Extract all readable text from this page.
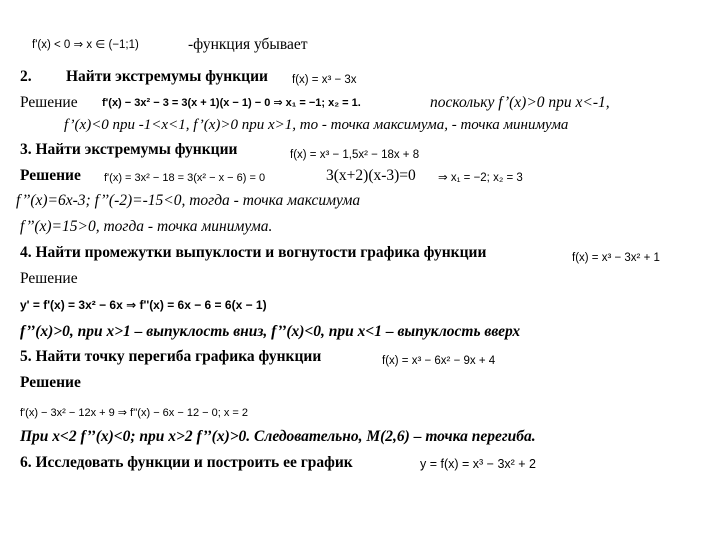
f'(x) < 0 ⇒ x ∈ (−1;1)	-функция убывает
2. Найти экстремумы функции f(x) = x³ − 3x
Решение f'(x) − 3x² − 3 = 3(x + 1)(x − 1) − 0 ⇒ x₁ = −1; x₂ = 1.	поскольку f’(x)>0 при x<-1,
f’(x)<0 при -1<x<1, f’(x)>0 при x>1, то - точка максимума, - точка минимума
3. Найти экстремумы функции	f(x) = x³ − 1,5x² − 18x + 8
Решение f'(x) = 3x² − 18 = 3(x² − x − 6) = 0	3(x+2)(x-3)=0 ⇒ x₁ = −2; x₂ = 3
f’’(x)=6x-3; f’’(-2)=-15<0, тогда - точка максимума
f’’(x)=15>0, тогда - точка минимума.
4. Найти промежутки выпуклости и вогнутости графика функции	f(x) = x³ − 3x² + 1
Решение
y' = f'(x) = 3x² − 6x ⇒ f''(x) = 6x − 6 = 6(x − 1)
f’’(x)>0, при x>1 – выпуклость вниз, f’’(x)<0, при x<1 – выпуклость вверх
5. Найти точку перегиба графика функции	f(x) = x³ − 6x² − 9x + 4
Решение
f'(x) − 3x² − 12x + 9 ⇒ f''(x) − 6x − 12 − 0; x = 2
При x<2 f’’(x)<0; при x>2 f’’(x)>0. Следовательно, M(2,6) – точка перегиба.
6. Исследовать функции и построить ее график	y = f(x) = x³ − 3x² + 2
